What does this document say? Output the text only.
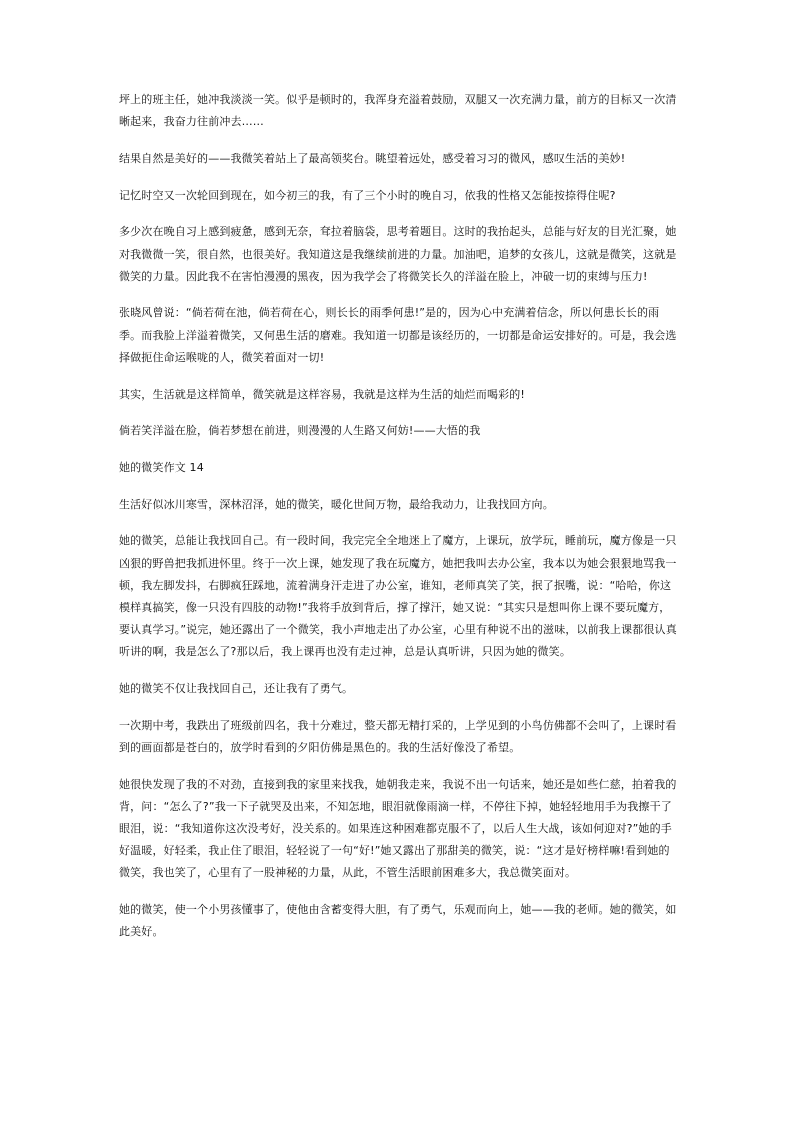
坪上的班主任，她冲我淡淡一笑。似乎是顿时的，我浑身充溢着鼓励，双腿又一次充满力量，前方的目标又一次清晰起来，我奋力往前冲去……

结果自然是美好的——我微笑着站上了最高领奖台。眺望着远处，感受着习习的微风，感叹生活的美妙!

记忆时空又一次轮回到现在，如今初三的我，有了三个小时的晚自习，依我的性格又怎能按捺得住呢?

多少次在晚自习上感到疲惫，感到无奈，耷拉着脑袋，思考着题目。这时的我抬起头，总能与好友的目光汇聚，她对我微微一笑，很自然，也很美好。我知道这是我继续前进的力量。加油吧，追梦的女孩儿，这就是微笑，这就是微笑的力量。因此我不在害怕漫漫的黑夜，因为我学会了将微笑长久的洋溢在脸上，冲破一切的束缚与压力!

张晓风曾说：“倘若荷在池，倘若荷在心，则长长的雨季何患!”是的，因为心中充满着信念，所以何患长长的雨季。而我脸上洋溢着微笑，又何患生活的磨难。我知道一切都是该经历的，一切都是命运安排好的。可是，我会选择做扼住命运喉咙的人，微笑着面对一切!

其实，生活就是这样简单，微笑就是这样容易，我就是这样为生活的灿烂而喝彩的!

倘若笑洋溢在脸，倘若梦想在前进，则漫漫的人生路又何妨!——大悟的我

她的微笑作文 14

生活好似冰川寒雪，深林沼泽，她的微笑，暖化世间万物，最给我动力，让我找回方向。

她的微笑，总能让我找回自己。有一段时间，我完完全全地迷上了魔方，上课玩，放学玩，睡前玩，魔方像是一只凶狠的野兽把我抓进怀里。终于一次上课，她发现了我在玩魔方，她把我叫去办公室，我本以为她会狠狠地骂我一顿，我左脚发抖，右脚疯狂踩地，流着满身汗走进了办公室，谁知，老师真笑了笑，抿了抿嘴，说：“哈哈，你这模样真搞笑，像一只没有四肢的动物!”我将手放到背后，撑了撑汗，她又说：“其实只是想叫你上课不要玩魔方，要认真学习。”说完，她还露出了一个微笑，我小声地走出了办公室，心里有种说不出的滋味，以前我上课都很认真听讲的啊，我是怎么了?那以后，我上课再也没有走过神，总是认真听讲，只因为她的微笑。

她的微笑不仅让我找回自己，还让我有了勇气。

一次期中考，我跌出了班级前四名，我十分难过，整天都无精打采的，上学见到的小鸟仿佛都不会叫了，上课时看到的画面都是苍白的，放学时看到的夕阳仿佛是黑色的。我的生活好像没了希望。

她很快发现了我的不对劲，直接到我的家里来找我，她朝我走来，我说不出一句话来，她还是如些仁慈，拍着我的背，问：“怎么了?”我一下子就哭及出来，不知怎地，眼泪就像雨滴一样，不停往下掉，她轻轻地用手为我擦干了眼泪，说：“我知道你这次没考好，没关系的。如果连这种困难都克服不了，以后人生大战，该如何迎对?”她的手好温暖，好轻柔，我止住了眼泪，轻轻说了一句“好!”她又露出了那甜美的微笑，说：“这才是好榜样嘛!看到她的微笑，我也笑了，心里有了一股神秘的力量，从此，不管生活眼前困难多大，我总微笑面对。

她的微笑，使一个小男孩懂事了，使他由含蓄变得大胆，有了勇气，乐观而向上，她——我的老师。她的微笑，如此美好。
